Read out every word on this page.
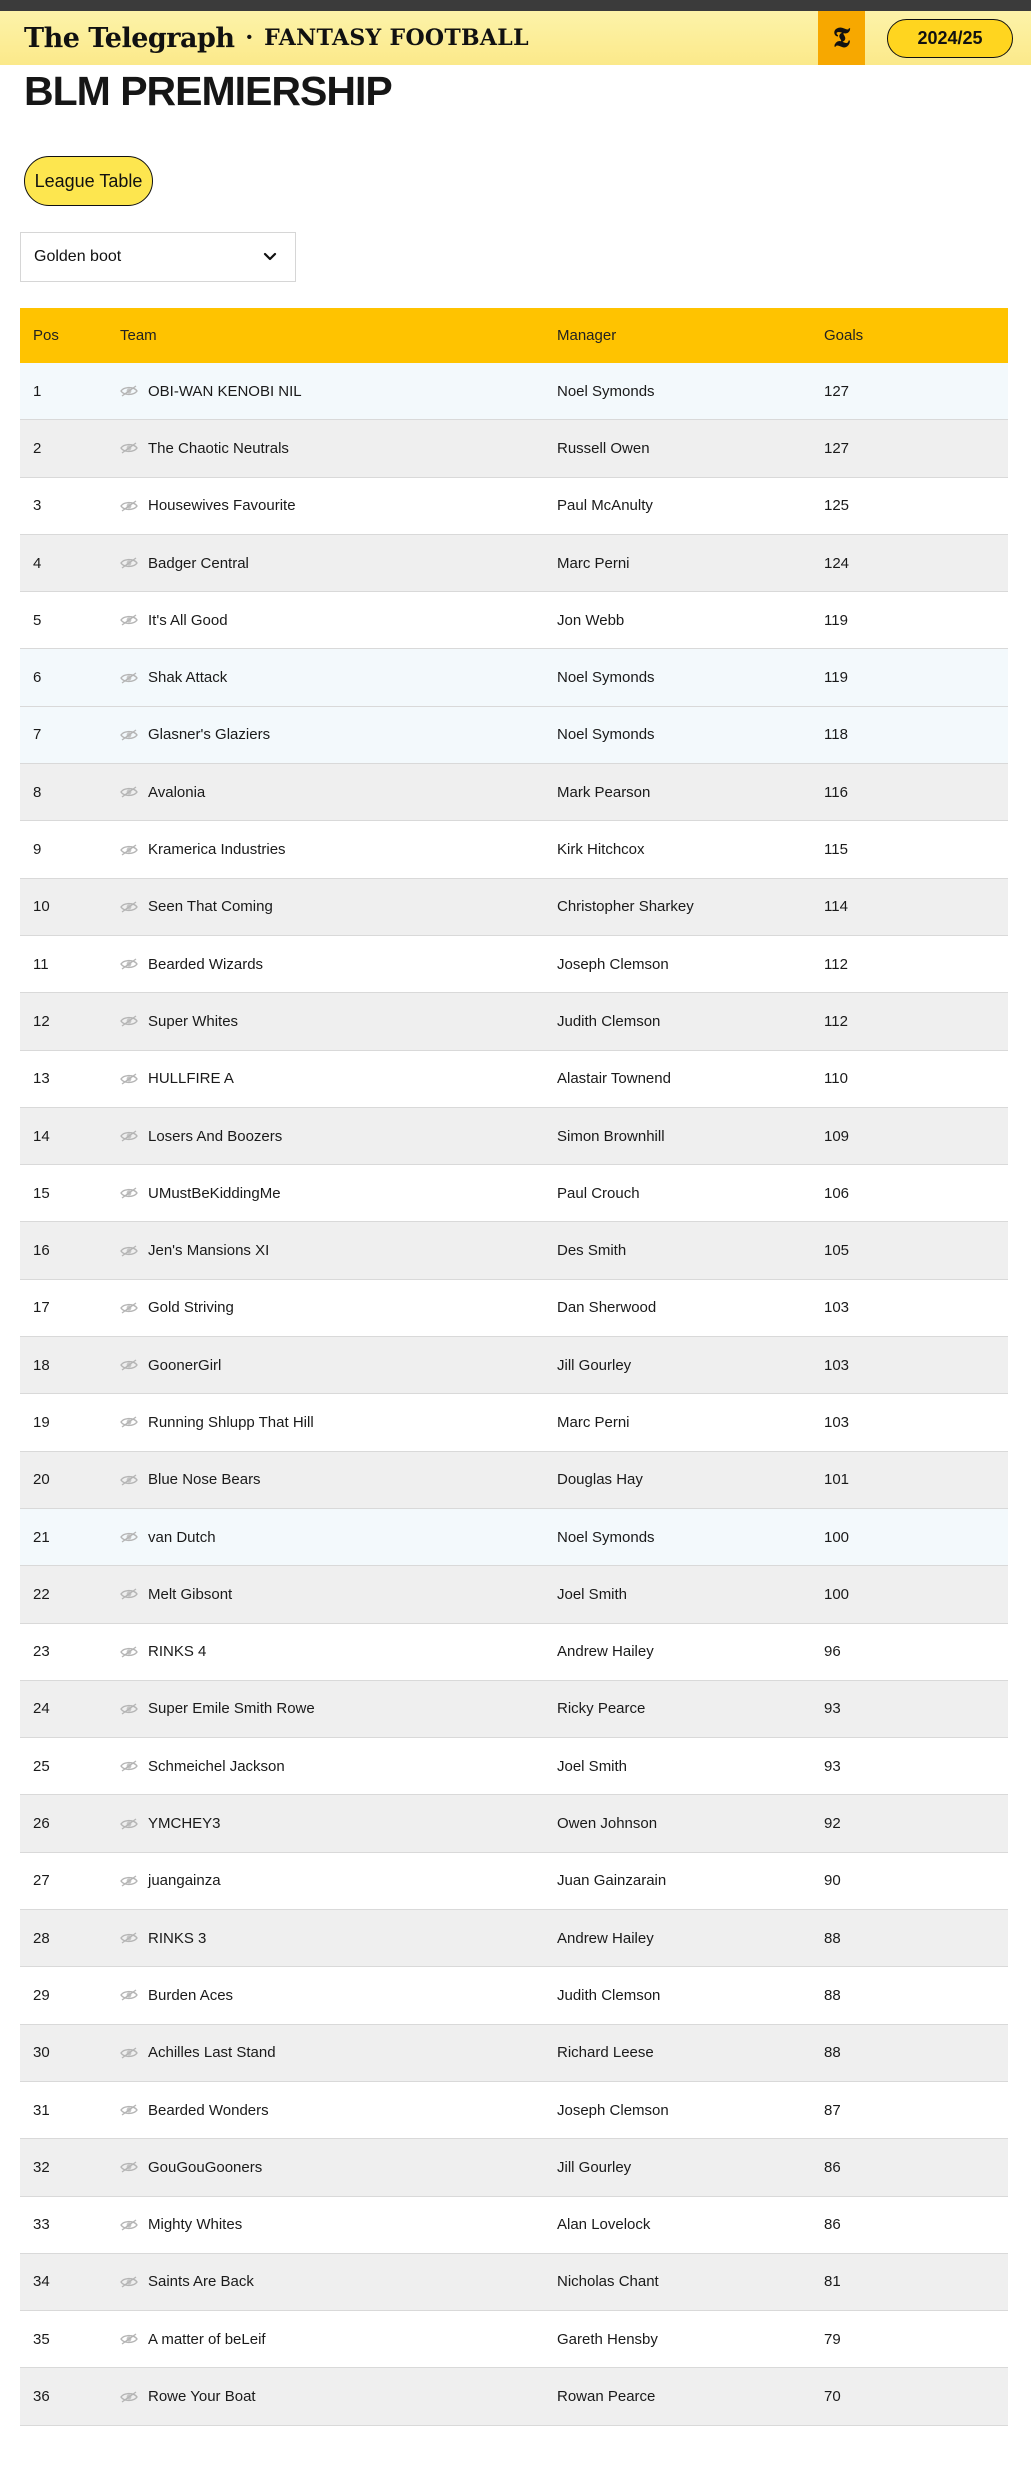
The Telegraph • FANTASY FOOTBALL	𝕿	2024/25
BLM PREMIERSHIP
League Table
Golden boot
Pos	Team	Manager	Goals
1	OBI-WAN KENOBI NIL	Noel Symonds	127
2	The Chaotic Neutrals	Russell Owen	127
3	Housewives Favourite	Paul McAnulty	125
4	Badger Central	Marc Perni	124
5	It's All Good	Jon Webb	119
6	Shak Attack	Noel Symonds	119
7	Glasner's Glaziers	Noel Symonds	118
8	Avalonia	Mark Pearson	116
9	Kramerica Industries	Kirk Hitchcox	115
10	Seen That Coming	Christopher Sharkey	114
11	Bearded Wizards	Joseph Clemson	112
12	Super Whites	Judith Clemson	112
13	HULLFIRE A	Alastair Townend	110
14	Losers And Boozers	Simon Brownhill	109
15	UMustBeKiddingMe	Paul Crouch	106
16	Jen's Mansions XI	Des Smith	105
17	Gold Striving	Dan Sherwood	103
18	GoonerGirl	Jill Gourley	103
19	Running Shlupp That Hill	Marc Perni	103
20	Blue Nose Bears	Douglas Hay	101
21	van Dutch	Noel Symonds	100
22	Melt Gibsont	Joel Smith	100
23	RINKS 4	Andrew Hailey	96
24	Super Emile Smith Rowe	Ricky Pearce	93
25	Schmeichel Jackson	Joel Smith	93
26	YMCHEY3	Owen Johnson	92
27	juangainza	Juan Gainzarain	90
28	RINKS 3	Andrew Hailey	88
29	Burden Aces	Judith Clemson	88
30	Achilles Last Stand	Richard Leese	88
31	Bearded Wonders	Joseph Clemson	87
32	GouGouGooners	Jill Gourley	86
33	Mighty Whites	Alan Lovelock	86
34	Saints Are Back	Nicholas Chant	81
35	A matter of beLeif	Gareth Hensby	79
36	Rowe Your Boat	Rowan Pearce	70
